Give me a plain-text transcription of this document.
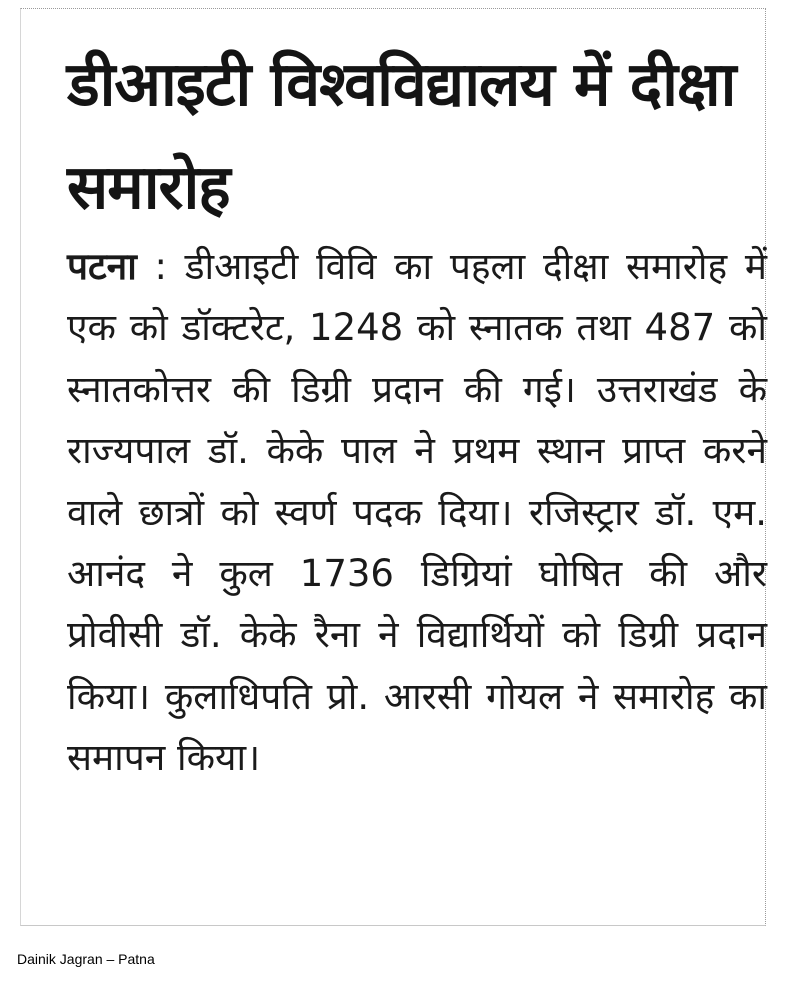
डीआइटी विश्वविद्यालय में दीक्षा समारोह

पटना : डीआइटी विवि का पहला दीक्षा समारोह में एक को डॉक्टरेट, 1248 को स्नातक तथा 487 को स्नातकोत्तर की डिग्री प्रदान की गई। उत्तराखंड के राज्यपाल डॉ. केके पाल ने प्रथम स्थान प्राप्त करने वाले छात्रों को स्वर्ण पदक दिया। रजिस्ट्रार डॉ. एम. आनंद ने कुल 1736 डिग्रियां घोषित की और प्रोवीसी डॉ. केके रैना ने विद्यार्थियों को डिग्री प्रदान किया। कुलाधिपति प्रो. आरसी गोयल ने समारोह का समापन किया।

Dainik Jagran – Patna
